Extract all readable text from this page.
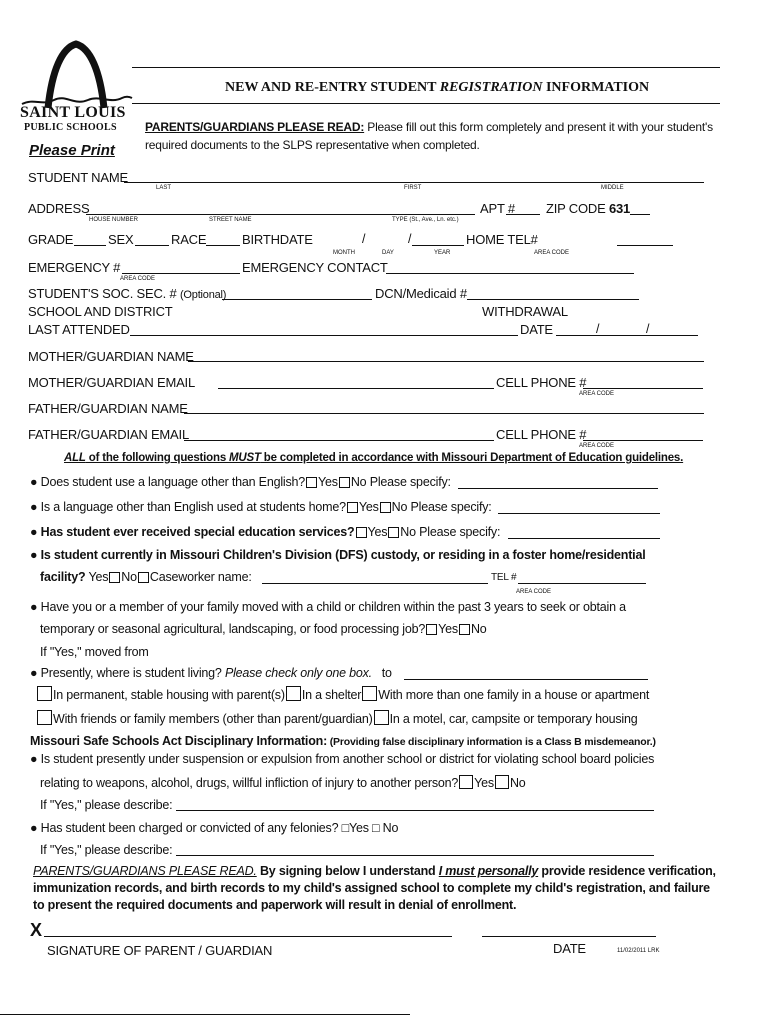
SAINT LOUIS
PUBLIC SCHOOLS
NEW AND RE-ENTRY STUDENT REGISTRATION INFORMATION
Please Print
PARENTS/GUARDIANS PLEASE READ: Please fill out this form completely and present it with your student's
required documents to the SLPS representative when completed.
STUDENT NAME
LAST	FIRST	MIDDLE
ADDRESS
HOUSE NUMBER	STREET NAME	TYPE (St., Ave., Ln. etc.)
APT # ZIP CODE 631
GRADE	SEX	RACE	BIRTHDATE	/	/	HOME TEL#
MONTH	DAY	YEAR	AREA CODE
EMERGENCY #	EMERGENCY CONTACT
AREA CODE
STUDENT'S SOC. SEC. # (Optional)	DCN/Medicaid #
SCHOOL AND DISTRICT	WITHDRAWAL
LAST ATTENDED	DATE	/	/
MOTHER/GUARDIAN NAME
MOTHER/GUARDIAN EMAIL	CELL PHONE #
AREA CODE
FATHER/GUARDIAN NAME
FATHER/GUARDIAN EMAIL	CELL PHONE #
AREA CODE
ALL of the following questions MUST be completed in accordance with Missouri Department of Education guidelines.
● Does student use a language other than English? Yes No Please specify:
● Is a language other than English used at students home? Yes No Please specify:
● Has student ever received special education services? Yes No Please specify:
● Is student currently in Missouri Children's Division (DFS) custody, or residing in a foster home/residential
facility? Yes No Caseworker name:	TEL #
AREA CODE
● Have you or a member of your family moved with a child or children within the past 3 years to seek or obtain a
temporary or seasonal agricultural, landscaping, or food processing job? Yes No
If "Yes," moved from
● Presently, where is student living? Please check only one box. to
In permanent, stable housing with parent(s) In a shelter With more than one family in a house or apartment
With friends or family members (other than parent/guardian) In a motel, car, campsite or temporary housing
Missouri Safe Schools Act Disciplinary Information: (Providing false disciplinary information is a Class B misdemeanor.)
● Is student presently under suspension or expulsion from another school or district for violating school board policies
relating to weapons, alcohol, drugs, willful infliction of injury to another person? Yes No
If "Yes," please describe:
● Has student been charged or convicted of any felonies? □Yes □ No
If "Yes," please describe:
PARENTS/GUARDIANS PLEASE READ. By signing below I understand I must personally provide residence verification,
immunization records, and birth records to my child's assigned school to complete my child's registration, and failure
to present the required documents and paperwork will result in denial of enrollment.
X
SIGNATURE OF PARENT / GUARDIAN	DATE	11/02/2011 LRK
